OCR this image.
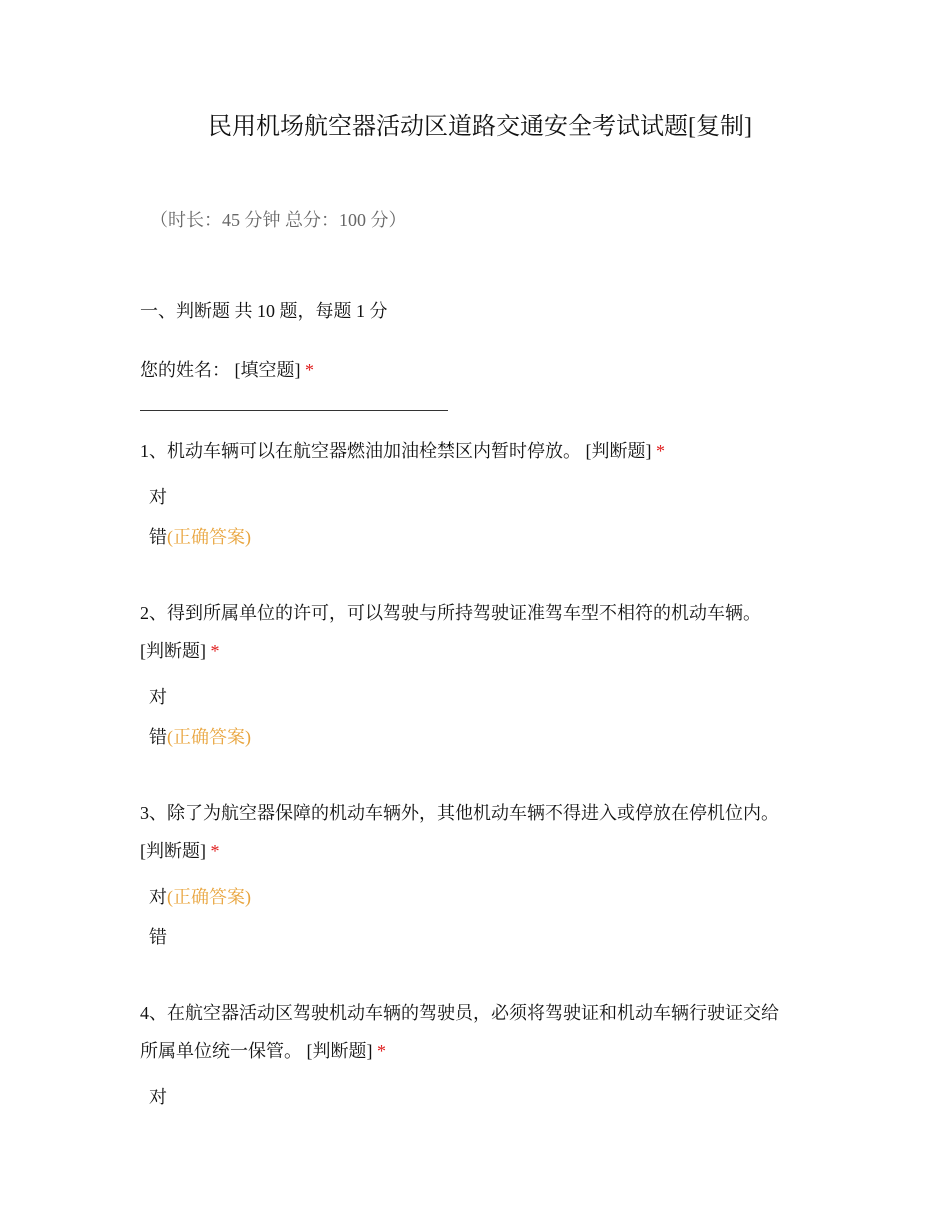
民用机场航空器活动区道路交通安全考试试题[复制]
（时长：45 分钟 总分：100 分）
一、判断题 共 10 题，每题 1 分
您的姓名： [填空题] *
1、机动车辆可以在航空器燃油加油栓禁区内暂时停放。 [判断题] *
对
错(正确答案)
2、得到所属单位的许可，可以驾驶与所持驾驶证准驾车型不相符的机动车辆。
[判断题] *
对
错(正确答案)
3、除了为航空器保障的机动车辆外，其他机动车辆不得进入或停放在停机位内。
[判断题] *
对(正确答案)
错
4、在航空器活动区驾驶机动车辆的驾驶员，必须将驾驶证和机动车辆行驶证交给
所属单位统一保管。 [判断题] *
对
